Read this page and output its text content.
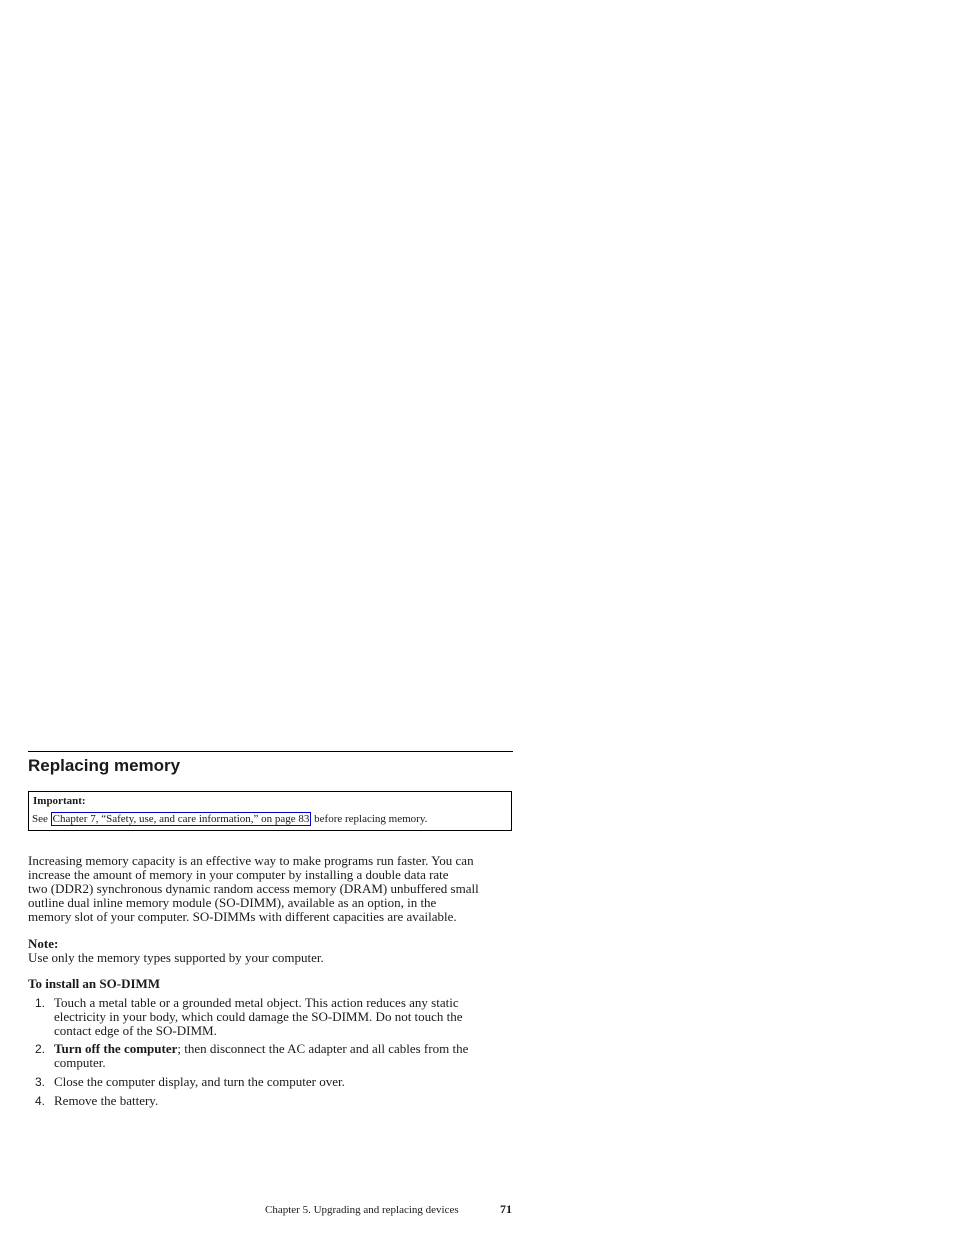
Replacing memory
Important:
See Chapter 7, “Safety, use, and care information,” on page 83 before replacing memory.

Increasing memory capacity is an effective way to make programs run faster. You can
increase the amount of memory in your computer by installing a double data rate
two (DDR2) synchronous dynamic random access memory (DRAM) unbuffered small
outline dual inline memory module (SO-DIMM), available as an option, in the
memory slot of your computer. SO-DIMMs with different capacities are available.

Note:
Use only the memory types supported by your computer.
To install an SO-DIMM
1. Touch a metal table or a grounded metal object. This action reduces any static
electricity in your body, which could damage the SO-DIMM. Do not touch the
contact edge of the SO-DIMM.
2. Turn off the computer; then disconnect the AC adapter and all cables from the
computer.
3. Close the computer display, and turn the computer over.
4. Remove the battery.
Chapter 5. Upgrading and replacing devices	71
